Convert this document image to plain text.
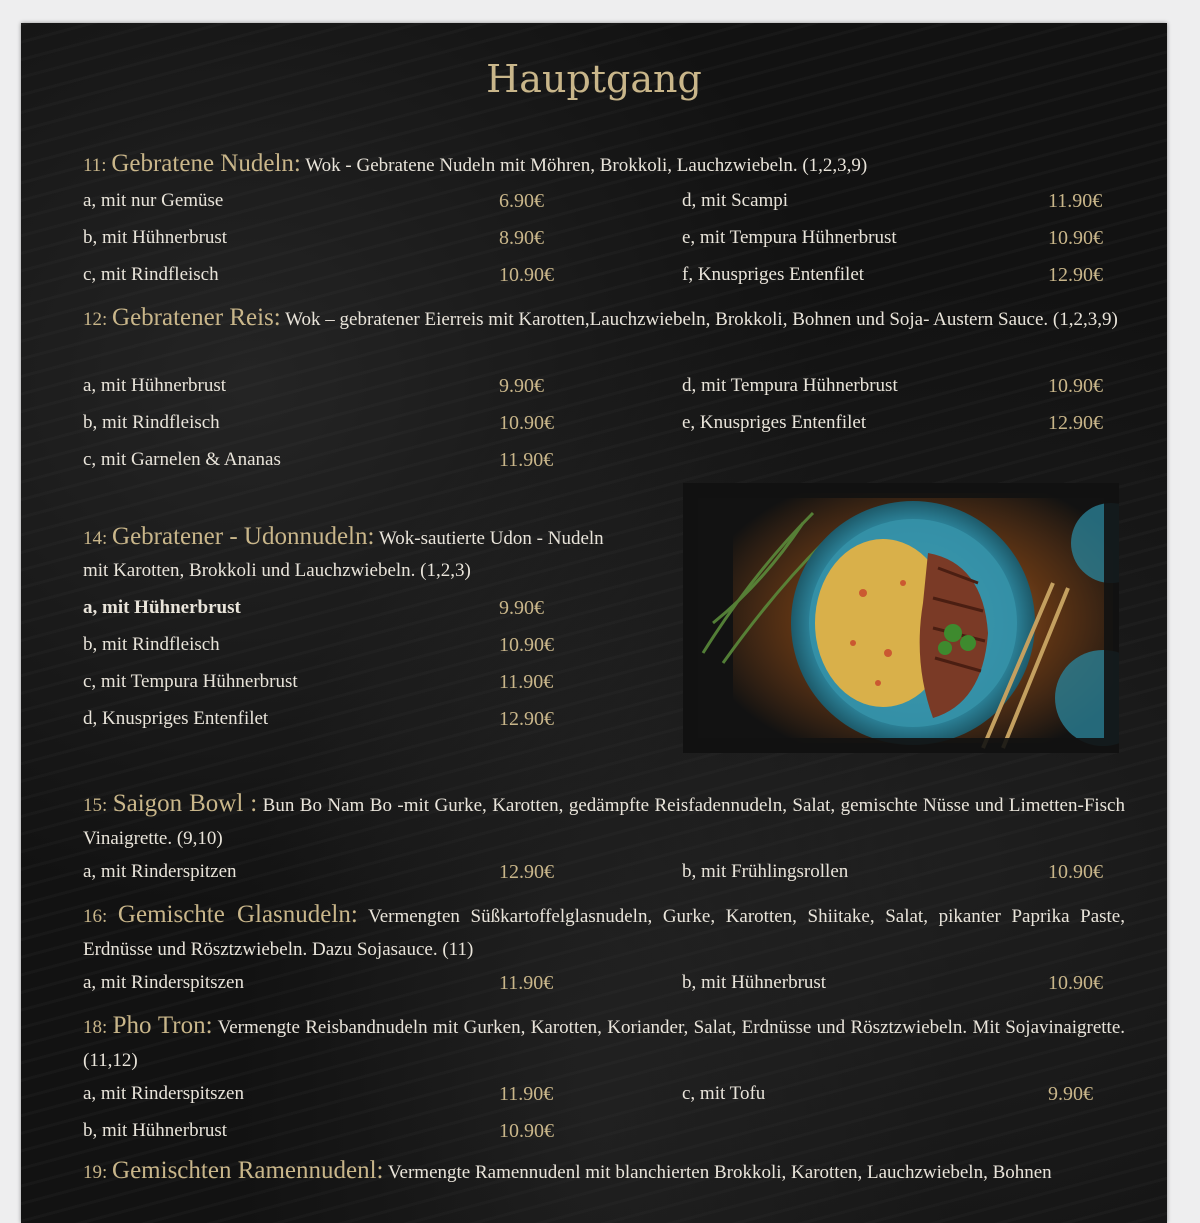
Hauptgang
11: Gebratene Nudeln: Wok - Gebratene Nudeln mit Möhren, Brokkoli, Lauchzwiebeln. (1,2,3,9)
a, mit nur Gemüse	6.90€
b, mit Hühnerbrust	8.90€
c, mit Rindfleisch	10.90€
d, mit Scampi	11.90€
e, mit Tempura Hühnerbrust	10.90€
f, Knuspriges Entenfilet	12.90€
12: Gebratener Reis: Wok – gebratener Eierreis mit Karotten,Lauchzwiebeln, Brokkoli, Bohnen und Soja- Austern Sauce. (1,2,3,9)
a, mit Hühnerbrust	9.90€
b, mit Rindfleisch	10.90€
c, mit Garnelen & Ananas	11.90€
d, mit Tempura Hühnerbrust	10.90€
e, Knuspriges Entenfilet	12.90€
14: Gebratener - Udonnudeln: Wok-sautierte Udon - Nudeln
mit Karotten, Brokkoli und Lauchzwiebeln. (1,2,3)
a, mit Hühnerbrust	9.90€
b, mit Rindfleisch	10.90€
c, mit Tempura Hühnerbrust	11.90€
d, Knuspriges Entenfilet	12.90€
15: Saigon Bowl : Bun Bo Nam Bo -mit Gurke, Karotten, gedämpfte Reisfadennudeln, Salat, gemischte Nüsse und Limetten-Fisch Vinaigrette. (9,10)
a, mit Rinderspitzen	12.90€	b, mit Frühlingsrollen	10.90€
16: Gemischte Glasnudeln: Vermengten Süßkartoffelglasnudeln, Gurke, Karotten, Shiitake, Salat, pikanter Paprika Paste, Erdnüsse und Rösztzwiebeln. Dazu Sojasauce. (11)
a, mit Rinderspitszen	11.90€	b, mit Hühnerbrust	10.90€
18: Pho Tron: Vermengte Reisbandnudeln mit Gurken, Karotten, Koriander, Salat, Erdnüsse und Rösztzwiebeln. Mit Sojavinaigrette. (11,12)
a, mit Rinderspitszen	11.90€
b, mit Hühnerbrust	10.90€
c, mit Tofu	9.90€
19: Gemischten Ramennudenl: Vermengte Ramennudenl mit blanchierten Brokkoli, Karotten, Lauchzwiebeln, Bohnen
